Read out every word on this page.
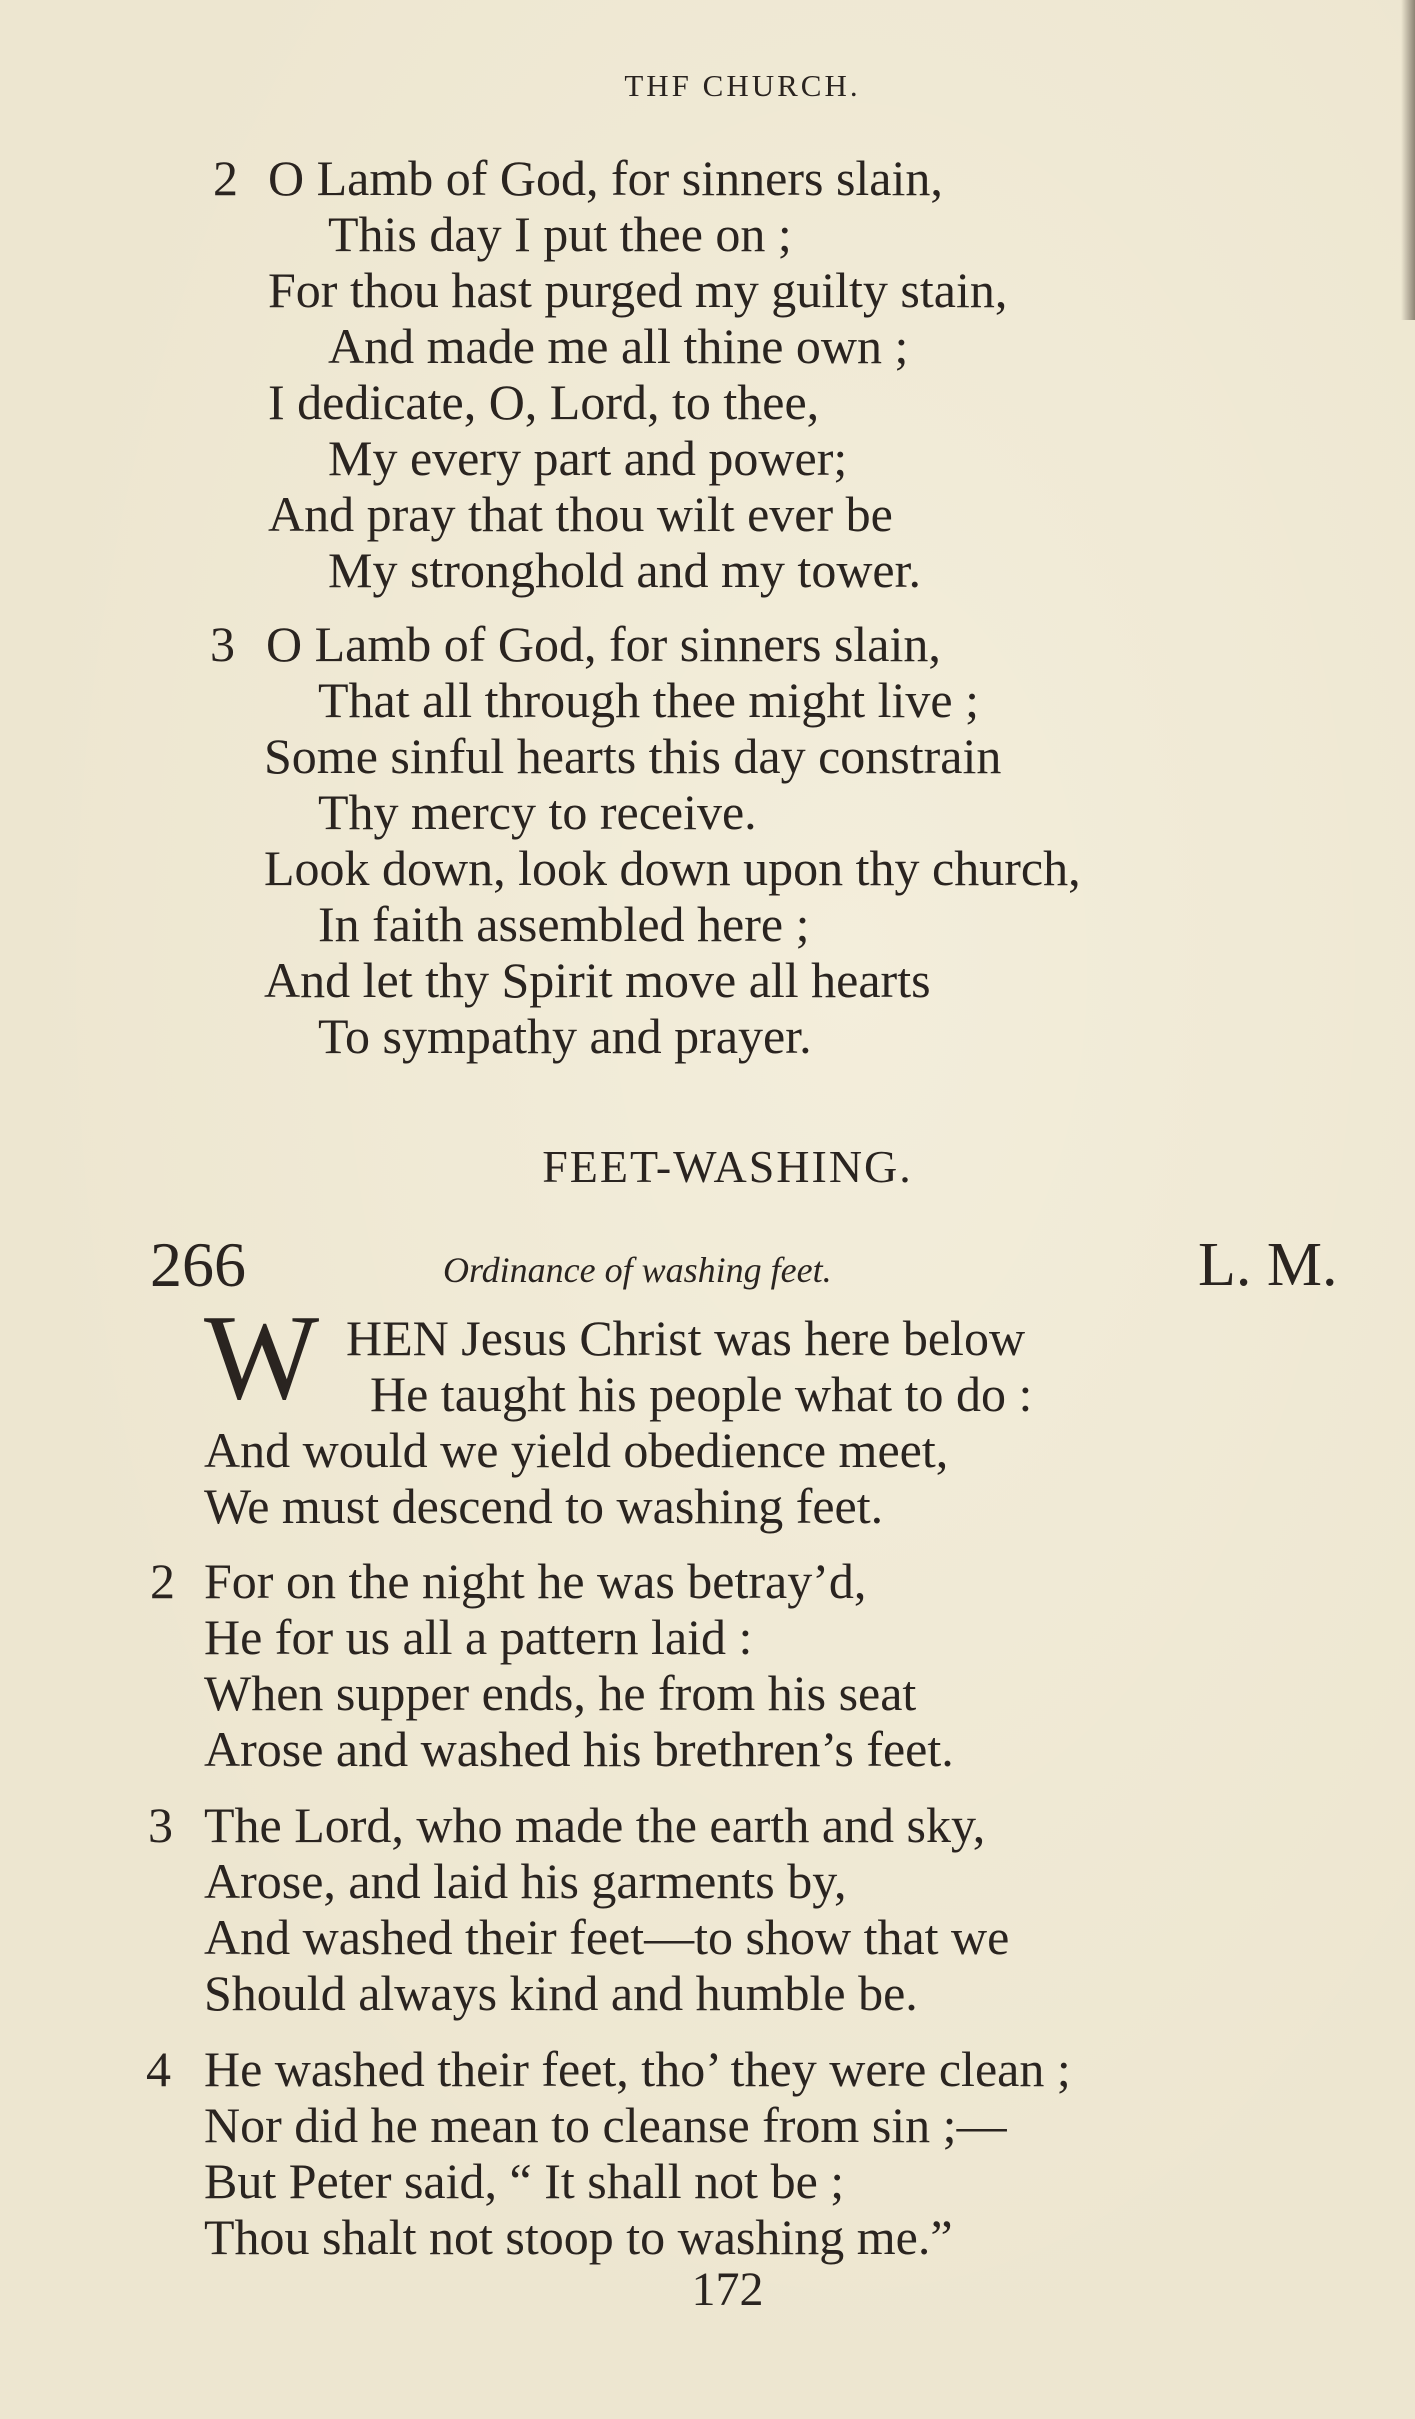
THF CHURCH.
2 O Lamb of God, for sinners slain,
This day I put thee on ;
For thou hast purged my guilty stain,
And made me all thine own ;
I dedicate, O, Lord, to thee,
My every part and power;
And pray that thou wilt ever be
My stronghold and my tower.
3 O Lamb of God, for sinners slain,
That all through thee might live ;
Some sinful hearts this day constrain
Thy mercy to receive.
Look down, look down upon thy church,
In faith assembled here ;
And let thy Spirit move all hearts
To sympathy and prayer.
FEET-WASHING.
266	Ordinance of washing feet.	L. M.
W HEN Jesus Christ was here below
He taught his people what to do :
And would we yield obedience meet,
We must descend to washing feet.
2 For on the night he was betray’d,
He for us all a pattern laid :
When supper ends, he from his seat
Arose and washed his brethren’s feet.
3 The Lord, who made the earth and sky,
Arose, and laid his garments by,
And washed their feet—to show that we
Should always kind and humble be.
4 He washed their feet, tho’ they were clean ;
Nor did he mean to cleanse from sin ;—
But Peter said, “ It shall not be ;
Thou shalt not stoop to washing me.”
172
